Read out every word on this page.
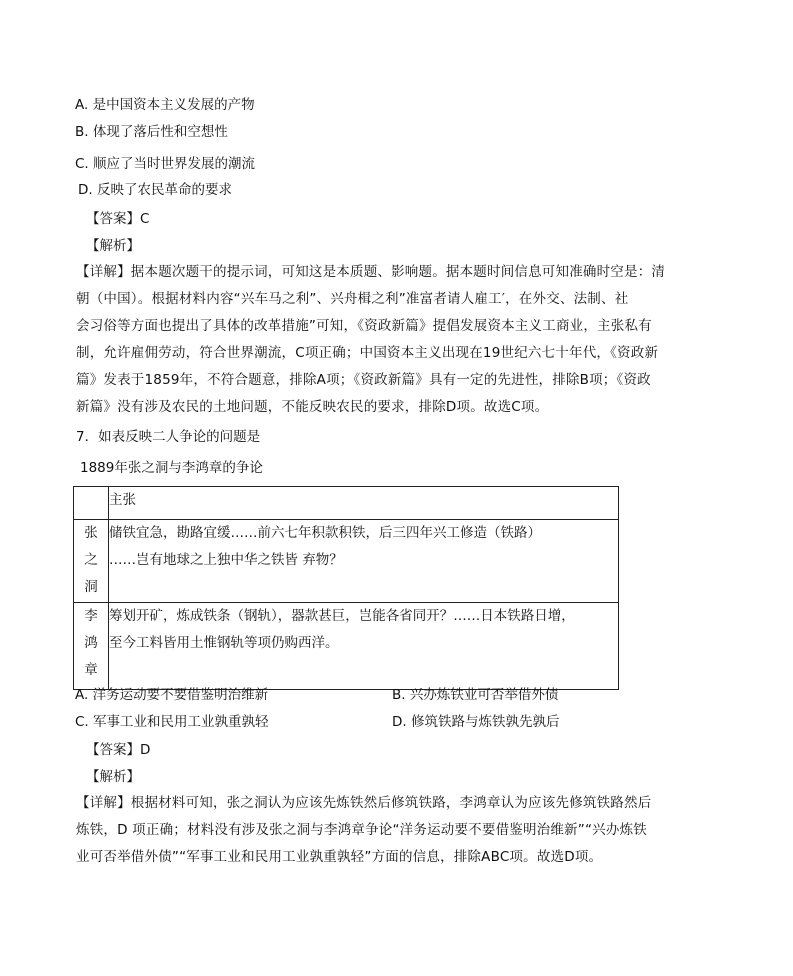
A. 是中国资本主义发展的产物
B. 体现了落后性和空想性
C. 顺应了当时世界发展的潮流
D. 反映了农民革命的要求
【答案】C
【解析】
【详解】据本题次题干的提示词，可知这是本质题、影响题。据本题时间信息可知准确时空是：清
朝（中国）。根据材料内容“兴车马之利”、兴舟楫之利”准富者请人雇工′，在外交、法制、社
会习俗等方面也提出了具体的改革措施”可知，《资政新篇》提倡发展资本主义工商业，主张私有
制，允许雇佣劳动，符合世界潮流，C项正确；中国资本主义出现在19世纪六七十年代，《资政新
篇》发表于1859年，不符合题意，排除A项；《资政新篇》具有一定的先进性，排除B项；《资政
新篇》没有涉及农民的土地问题，不能反映农民的要求，排除D项。故选C项。
7．如表反映二人争论的问题是
1889年张之洞与李鸿章的争论
	主张

张
之
洞	储铁宜急，勘路宜缓……前六七年积款积铁，后三四年兴工修造（铁路）
……岂有地球之上独中华之铁皆 弃物？

李
鸿
章	筹划开矿，炼成铁条（钢轨），器款甚巨，岂能各省同开？……日本铁路日增，
至今工料皆用土惟钢轨等项仍购西洋。
A. 洋务运动要不要借鉴明治维新	B. 兴办炼铁业可否举借外债
C. 军事工业和民用工业孰重孰轻	D. 修筑铁路与炼铁孰先孰后
【答案】D
【解析】
【详解】根据材料可知，张之洞认为应该先炼铁然后修筑铁路，李鸿章认为应该先修筑铁路然后
炼铁，D 项正确；材料没有涉及张之洞与李鸿章争论“洋务运动要不要借鉴明治维新”“兴办炼铁
业可否举借外债”“军事工业和民用工业孰重孰轻”方面的信息，排除ABC项。故选D项。
